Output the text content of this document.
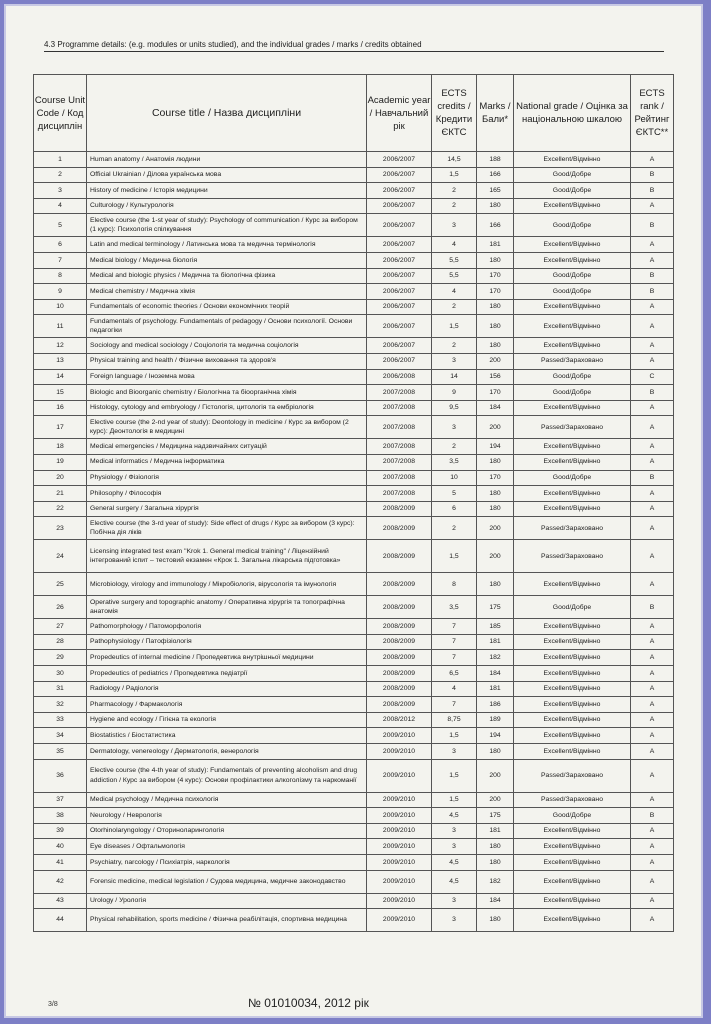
4.3 Programme details: (e.g. modules or units studied), and the individual grades / marks / credits obtained
Course Unit Code / Код дисциплін	Course title / Назва дисципліни	Academic year / Навчальний рік	ECTS credits / Кредити ЄКТС	Marks / Бали*	National grade / Оцінка за національною шкалою	ECTS rank / Рейтинг ЄКТС**
1	Human anatomy / Анатомія людини	2006/2007	14,5	188	Excellent/Відмінно	A
2	Official Ukrainian / Ділова українська мова	2006/2007	1,5	166	Good/Добре	B
3	History of medicine / Історія медицини	2006/2007	2	165	Good/Добре	B
4	Culturology / Культурологія	2006/2007	2	180	Excellent/Відмінно	A
5	Elective course (the 1-st year of study): Psychology of communication / Курс за вибором (1 курс): Психологія спілкування	2006/2007	3	166	Good/Добре	B
6	Latin and medical terminology / Латинська мова та медична термінологія	2006/2007	4	181	Excellent/Відмінно	A
7	Medical biology / Медична біологія	2006/2007	5,5	180	Excellent/Відмінно	A
8	Medical and biologic physics / Медична та біологічна фізика	2006/2007	5,5	170	Good/Добре	B
9	Medical chemistry / Медична хімія	2006/2007	4	170	Good/Добре	B
10	Fundamentals of economic theories / Основи економічних теорій	2006/2007	2	180	Excellent/Відмінно	A
11	Fundamentals of psychology. Fundamentals of pedagogy / Основи психології. Основи педагогіки	2006/2007	1,5	180	Excellent/Відмінно	A
12	Sociology and medical sociology / Соціологія та медична соціологія	2006/2007	2	180	Excellent/Відмінно	A
13	Physical training and health / Фізичне виховання та здоров'я	2006/2007	3	200	Passed/Зараховано	A
14	Foreign language / Іноземна мова	2006/2008	14	156	Good/Добре	C
15	Biologic and Bioorganic chemistry / Біологічна та біоорганічна хімія	2007/2008	9	170	Good/Добре	B
16	Histology, cytology and embryology / Гістологія, цитологія та ембріологія	2007/2008	9,5	184	Excellent/Відмінно	A
17	Elective course (the 2-nd year of study): Deontology in medicine / Курс за вибором (2 курс): Деонтологія в медицині	2007/2008	3	200	Passed/Зараховано	A
18	Medical emergencies / Медицина надзвичайних ситуацій	2007/2008	2	194	Excellent/Відмінно	A
19	Medical informatics / Медична інформатика	2007/2008	3,5	180	Excellent/Відмінно	A
20	Physiology / Фізіологія	2007/2008	10	170	Good/Добре	B
21	Philosophy / Філософія	2007/2008	5	180	Excellent/Відмінно	A
22	General surgery / Загальна хірургія	2008/2009	6	180	Excellent/Відмінно	A
23	Elective course (the 3-rd year of study): Side effect of drugs / Курс за вибором (3 курс): Побічна дія ліків	2008/2009	2	200	Passed/Зараховано	A
24	Licensing integrated test exam "Krok 1. General medical training" / Ліцензійний інтегрований іспит – тестовий екзамен «Крок 1. Загальна лікарська підготовка»	2008/2009	1,5	200	Passed/Зараховано	A
25	Microbiology, virology and immunology / Мікробіологія, вірусологія та імунологія	2008/2009	8	180	Excellent/Відмінно	A
26	Operative surgery and topographic anatomy / Оперативна хірургія та топографічна анатомія	2008/2009	3,5	175	Good/Добре	B
27	Pathomorphology / Патоморфологія	2008/2009	7	185	Excellent/Відмінно	A
28	Pathophysiology / Патофізіологія	2008/2009	7	181	Excellent/Відмінно	A
29	Propedeutics of internal medicine / Пропедевтика внутрішньої медицини	2008/2009	7	182	Excellent/Відмінно	A
30	Propedeutics of pediatrics / Пропедевтика педіатрії	2008/2009	6,5	184	Excellent/Відмінно	A
31	Radiology / Радіологія	2008/2009	4	181	Excellent/Відмінно	A
32	Pharmacology / Фармакологія	2008/2009	7	186	Excellent/Відмінно	A
33	Hygiene and ecology / Гігієна та екологія	2008/2012	8,75	189	Excellent/Відмінно	A
34	Biostatistics / Біостатистика	2009/2010	1,5	194	Excellent/Відмінно	A
35	Dermatology, venereology / Дерматологія, венерологія	2009/2010	3	180	Excellent/Відмінно	A
36	Elective course (the 4-th year of study): Fundamentals of preventing alcoholism and drug addiction / Курс за вибором (4 курс): Основи профілактики алкоголізму та наркоманії	2009/2010	1,5	200	Passed/Зараховано	A
37	Medical psychology / Медична психологія	2009/2010	1,5	200	Passed/Зараховано	A
38	Neurology / Неврологія	2009/2010	4,5	175	Good/Добре	B
39	Otorhinolaryngology / Оториноларингологія	2009/2010	3	181	Excellent/Відмінно	A
40	Eye diseases / Офтальмологія	2009/2010	3	180	Excellent/Відмінно	A
41	Psychiatry, narcology / Психіатрія, наркологія	2009/2010	4,5	180	Excellent/Відмінно	A
42	Forensic medicine, medical legislation / Судова медицина, медичне законодавство	2009/2010	4,5	182	Excellent/Відмінно	A
43	Urology / Урологія	2009/2010	3	184	Excellent/Відмінно	A
44	Physical rehabilitation, sports medicine / Фізична реабілітація, спортивна медицина	2009/2010	3	180	Excellent/Відмінно	A
3/8	№ 01010034, 2012 рік
